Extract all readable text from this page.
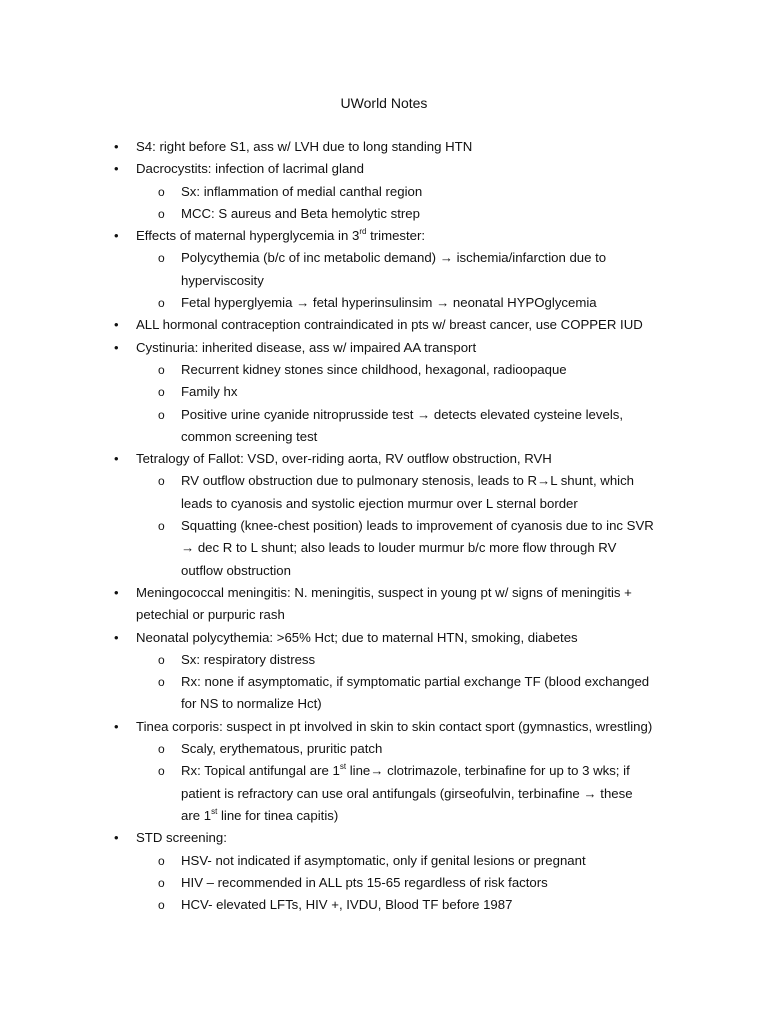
UWorld Notes
•	S4: right before S1, ass w/ LVH due to long standing HTN
•	Dacrocystits: infection of lacrimal gland
o Sx: inflammation of medial canthal region
o MCC: S aureus and Beta hemolytic strep
•	Effects of maternal hyperglycemia in 3rd trimester:
o Polycythemia (b/c of inc metabolic demand) → ischemia/infarction due to
hyperviscosity
o Fetal hyperglyemia → fetal hyperinsulinsim → neonatal HYPOglycemia
•	ALL hormonal contraception contraindicated in pts w/ breast cancer, use COPPER IUD
•	Cystinuria: inherited disease, ass w/ impaired AA transport
o Recurrent kidney stones since childhood, hexagonal, radioopaque
o Family hx
o Positive urine cyanide nitroprusside test → detects elevated cysteine levels,
common screening test
•	Tetralogy of Fallot: VSD, over-riding aorta, RV outflow obstruction, RVH
o RV outflow obstruction due to pulmonary stenosis, leads to R→L shunt, which
leads to cyanosis and systolic ejection murmur over L sternal border
o Squatting (knee-chest position) leads to improvement of cyanosis due to inc SVR
→ dec R to L shunt; also leads to louder murmur b/c more flow through RV
outflow obstruction
•	Meningococcal meningitis: N. meningitis, suspect in young pt w/ signs of meningitis +
petechial or purpuric rash
•	Neonatal polycythemia: >65% Hct; due to maternal HTN, smoking, diabetes
o Sx: respiratory distress
o Rx: none if asymptomatic, if symptomatic partial exchange TF (blood exchanged
for NS to normalize Hct)
•	Tinea corporis: suspect in pt involved in skin to skin contact sport (gymnastics, wrestling)
o Scaly, erythematous, pruritic patch
o Rx: Topical antifungal are 1st line→ clotrimazole, terbinafine for up to 3 wks; if
patient is refractory can use oral antifungals (girseofulvin, terbinafine → these
are 1st line for tinea capitis)
•	STD screening:
o HSV- not indicated if asymptomatic, only if genital lesions or pregnant
o HIV – recommended in ALL pts 15-65 regardless of risk factors
o HCV- elevated LFTs, HIV +, IVDU, Blood TF before 1987
